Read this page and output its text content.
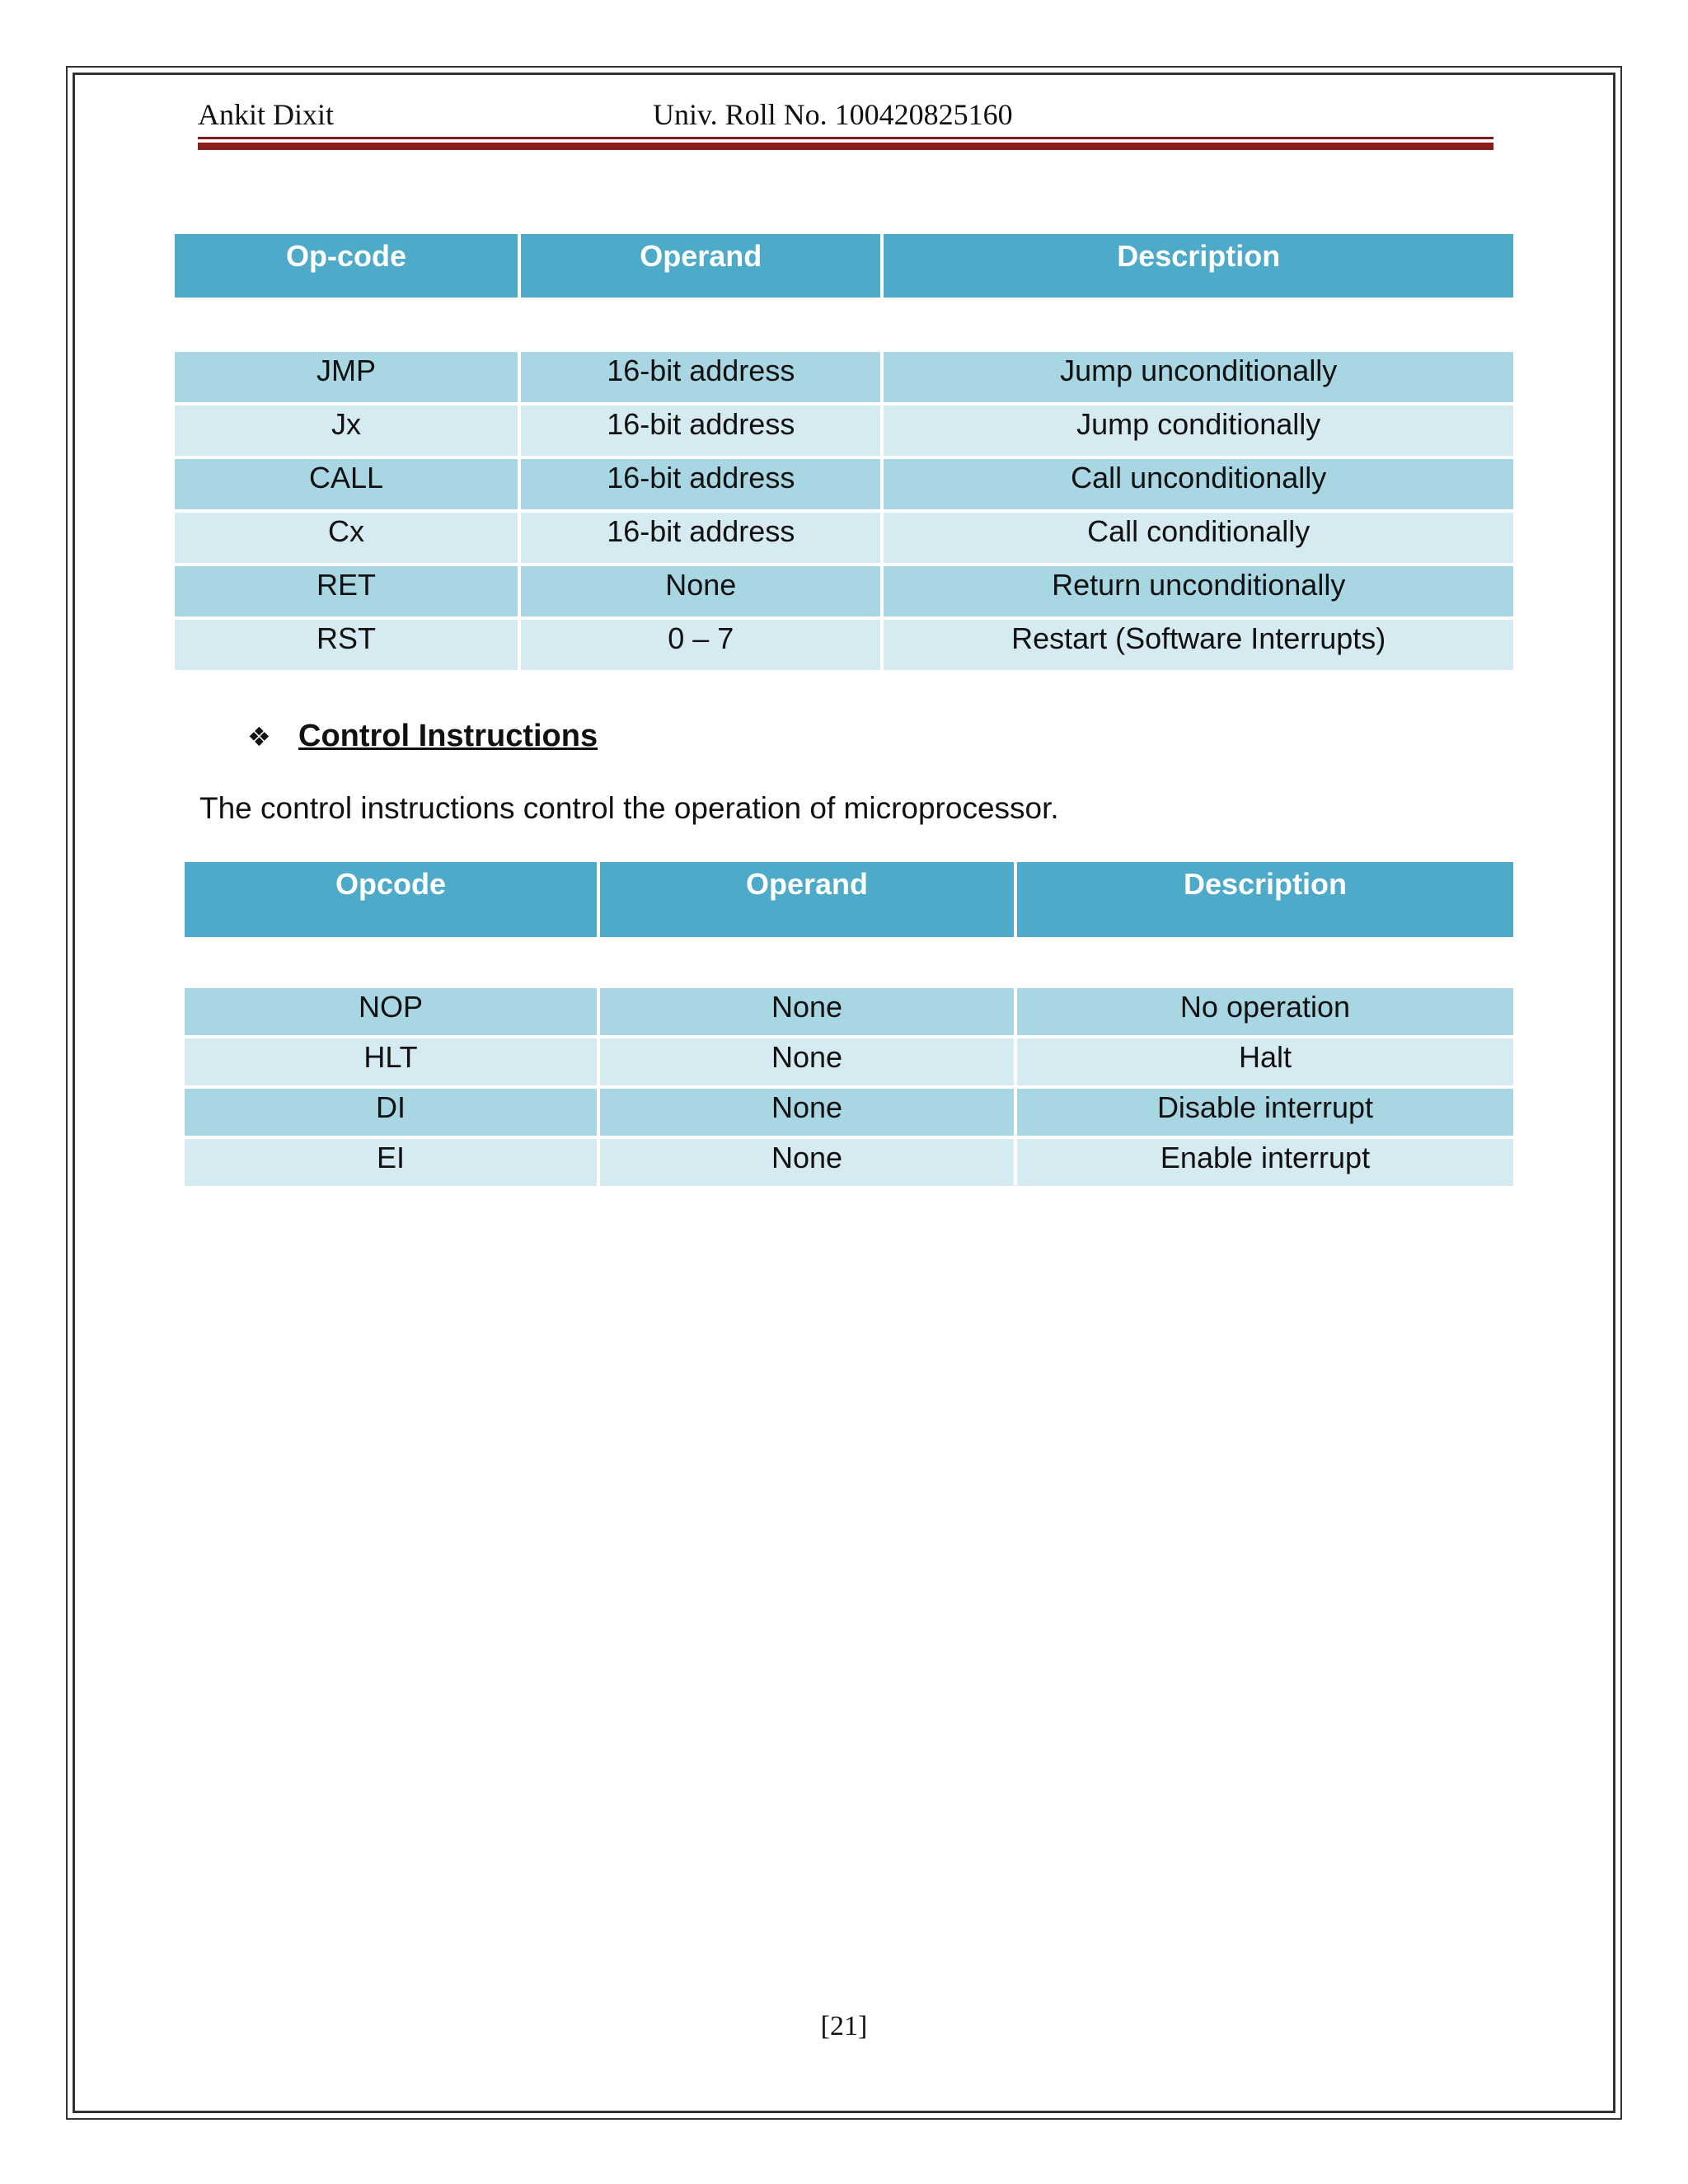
Ankit Dixit	Univ. Roll No. 100420825160
Op-code	Operand	Description

JMP	16-bit address	Jump unconditionally
Jx	16-bit address	Jump conditionally
CALL	16-bit address	Call unconditionally
Cx	16-bit address	Call conditionally
RET	None	Return unconditionally
RST	0 – 7	Restart (Software Interrupts)
❖ Control Instructions
The control instructions control the operation of microprocessor.
Opcode	Operand	Description

NOP	None	No operation
HLT	None	Halt
DI	None	Disable interrupt
EI	None	Enable interrupt
[21]
